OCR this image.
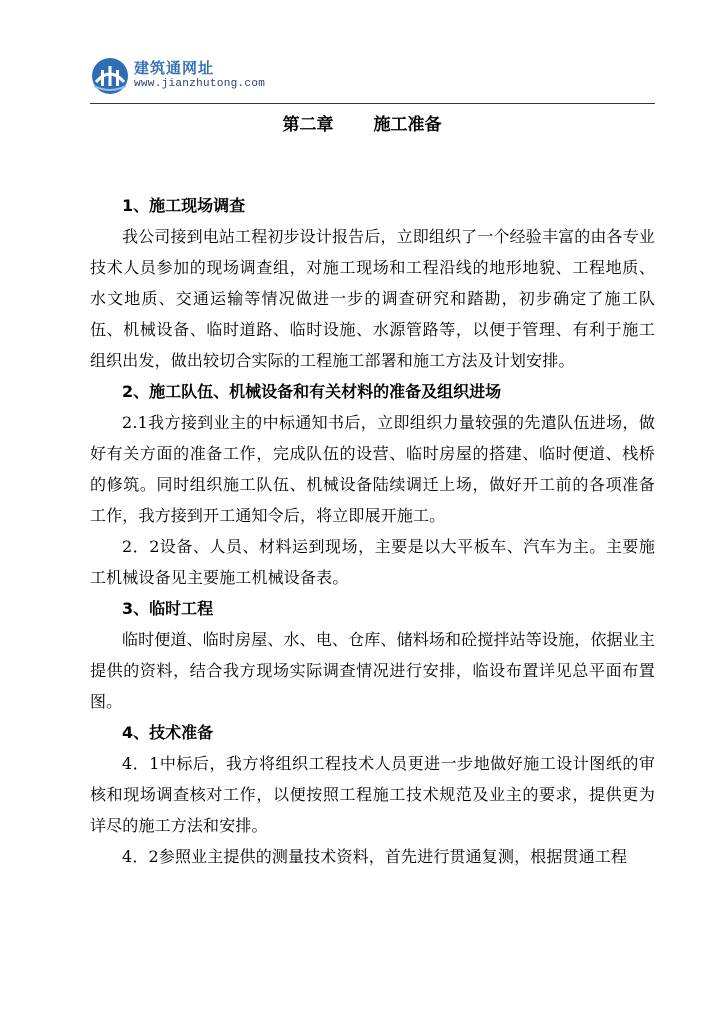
建筑通网址
www.jianzhutong.com
第二章 施工准备

1、施工现场调查

我公司接到电站工程初步设计报告后，立即组织了一个经验丰富的由各专业技术人员参加的现场调查组，对施工现场和工程沿线的地形地貌、工程地质、水文地质、交通运输等情况做进一步的调查研究和踏勘，初步确定了施工队伍、机械设备、临时道路、临时设施、水源管路等，以便于管理、有利于施工组织出发，做出较切合实际的工程施工部署和施工方法及计划安排。

2、施工队伍、机械设备和有关材料的准备及组织进场

2.1我方接到业主的中标通知书后，立即组织力量较强的先遣队伍进场，做好有关方面的准备工作，完成队伍的设营、临时房屋的搭建、临时便道、栈桥的修筑。同时组织施工队伍、机械设备陆续调迁上场，做好开工前的各项准备工作，我方接到开工通知令后，将立即展开施工。

2．2设备、人员、材料运到现场，主要是以大平板车、汽车为主。主要施工机械设备见主要施工机械设备表。

3、临时工程

临时便道、临时房屋、水、电、仓库、储料场和砼搅拌站等设施，依据业主提供的资料，结合我方现场实际调查情况进行安排，临设布置详见总平面布置图。

4、技术准备

4．1中标后，我方将组织工程技术人员更进一步地做好施工设计图纸的审核和现场调查核对工作，以便按照工程施工技术规范及业主的要求，提供更为详尽的施工方法和安排。

4．2参照业主提供的测量技术资料，首先进行贯通复测，根据贯通工程
